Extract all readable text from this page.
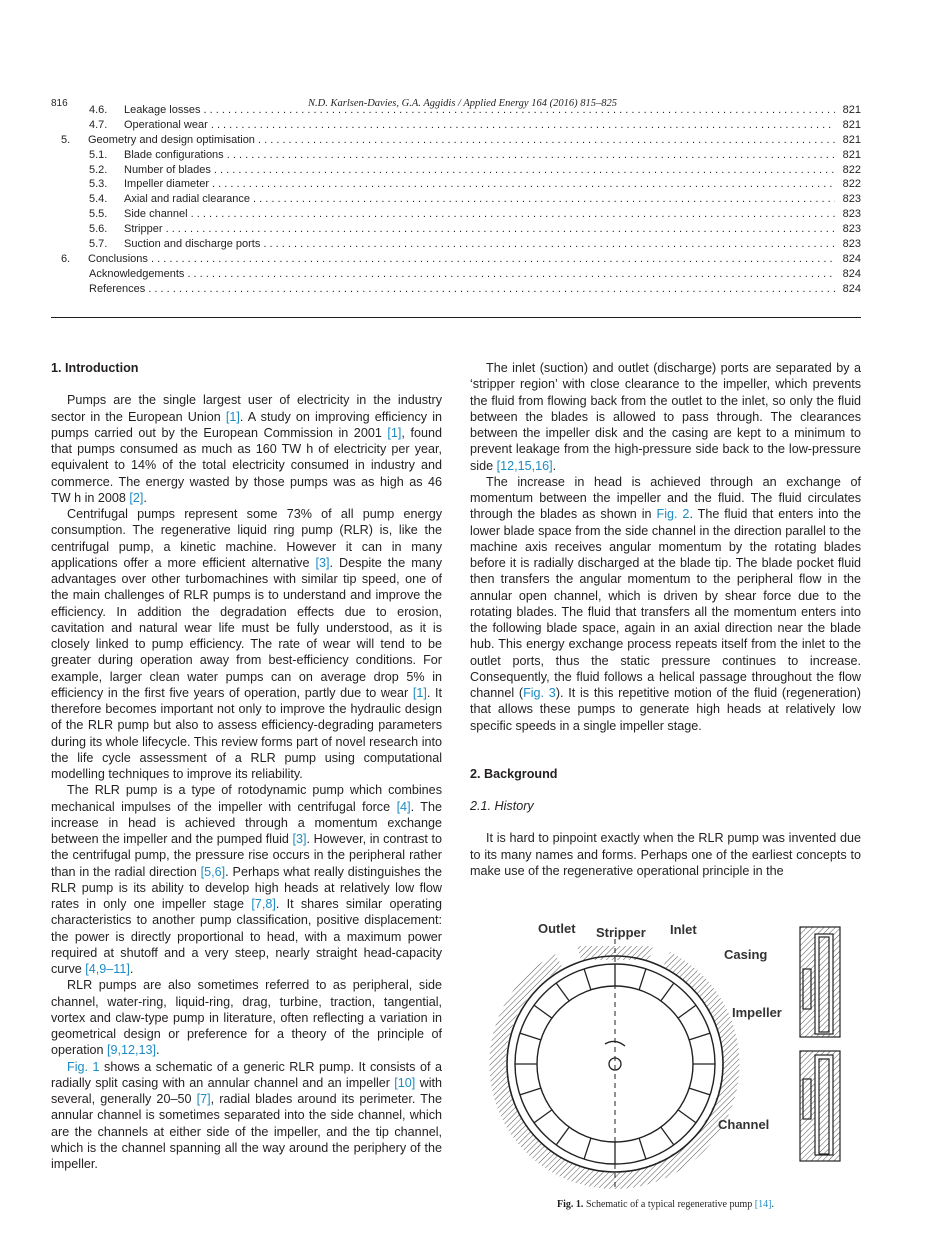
816	N.D. Karlsen-Davies, G.A. Aggidis / Applied Energy 164 (2016) 815–825
4.6. Leakage losses . . .	821
4.7. Operational wear . . .	821
5. Geometry and design optimisation . . .	821
5.1. Blade configurations . . .	821
5.2. Number of blades . . .	822
5.3. Impeller diameter . . .	822
5.4. Axial and radial clearance . . .	823
5.5. Side channel . . .	823
5.6. Stripper . . .	823
5.7. Suction and discharge ports . . .	823
6. Conclusions . . .	824
Acknowledgements . . .	824
References . . .	824
1. Introduction

Pumps are the single largest user of electricity in the industry sector in the European Union [1]. A study on improving efficiency in pumps carried out by the European Commission in 2001 [1], found that pumps consumed as much as 160 TW h of electricity per year, equivalent to 14% of the total electricity consumed in industry and commerce. The energy wasted by those pumps was as high as 46 TW h in 2008 [2].

Centrifugal pumps represent some 73% of all pump energy consumption. The regenerative liquid ring pump (RLR) is, like the centrifugal pump, a kinetic machine. However it can in many applications offer a more efficient alternative [3]. Despite the many advantages over other turbomachines with similar tip speed, one of the main challenges of RLR pumps is to understand and improve the efficiency. In addition the degradation effects due to erosion, cavitation and natural wear life must be fully understood, as it is closely linked to pump efficiency. The rate of wear will tend to be greater during operation away from best-efficiency conditions. For example, larger clean water pumps can on average drop 5% in efficiency in the first five years of operation, partly due to wear [1]. It therefore becomes important not only to improve the hydraulic design of the RLR pump but also to assess efficiency-degrading parameters during its whole lifecycle. This review forms part of novel research into the life cycle assessment of a RLR pump using computational modelling techniques to improve its reliability.

The RLR pump is a type of rotodynamic pump which combines mechanical impulses of the impeller with centrifugal force [4]. The increase in head is achieved through a momentum exchange between the impeller and the pumped fluid [3]. However, in contrast to the centrifugal pump, the pressure rise occurs in the peripheral rather than in the radial direction [5,6]. Perhaps what really distinguishes the RLR pump is its ability to develop high heads at relatively low flow rates in only one impeller stage [7,8]. It shares similar operating characteristics to another pump classification, positive displacement: the power is directly proportional to head, with a maximum power required at shutoff and a very steep, nearly straight head-capacity curve [4,9–11].

RLR pumps are also sometimes referred to as peripheral, side channel, water-ring, liquid-ring, drag, turbine, traction, tangential, vortex and claw-type pump in literature, often reflecting a variation in geometrical design or preference for a theory of the principle of operation [9,12,13].

Fig. 1 shows a schematic of a generic RLR pump. It consists of a radially split casing with an annular channel and an impeller [10] with several, generally 20–50 [7], radial blades around its perimeter. The annular channel is sometimes separated into the side channel, which are the channels at either side of the impeller, and the tip channel, which is the channel spanning all the way around the periphery of the impeller.

The inlet (suction) and outlet (discharge) ports are separated by a ‘stripper region’ with close clearance to the impeller, which prevents the fluid from flowing back from the outlet to the inlet, so only the fluid between the blades is allowed to pass through. The clearances between the impeller disk and the casing are kept to a minimum to prevent leakage from the high-pressure side back to the low-pressure side [12,15,16].

The increase in head is achieved through an exchange of momentum between the impeller and the fluid. The fluid circulates through the blades as shown in Fig. 2. The fluid that enters into the lower blade space from the side channel in the direction parallel to the machine axis receives angular momentum by the rotating blades before it is radially discharged at the blade tip. The blade pocket fluid then transfers the angular momentum to the peripheral flow in the annular open channel, which is driven by shear force due to the rotating blades. The fluid that transfers all the momentum enters into the following blade space, again in an axial direction near the blade hub. This energy exchange process repeats itself from the inlet to the outlet ports, thus the static pressure continues to increase. Consequently, the fluid follows a helical passage throughout the flow channel (Fig. 3). It is this repetitive motion of the fluid (regeneration) that allows these pumps to generate high heads at relatively low specific speeds in a single impeller stage.

2. Background
2.1. History

It is hard to pinpoint exactly when the RLR pump was invented due to its many names and forms. Perhaps one of the earliest concepts to make use of the regenerative operational principle in the

Outlet Stripper Inlet
Casing
Impeller
Channel
Fig. 1. Schematic of a typical regenerative pump [14].
